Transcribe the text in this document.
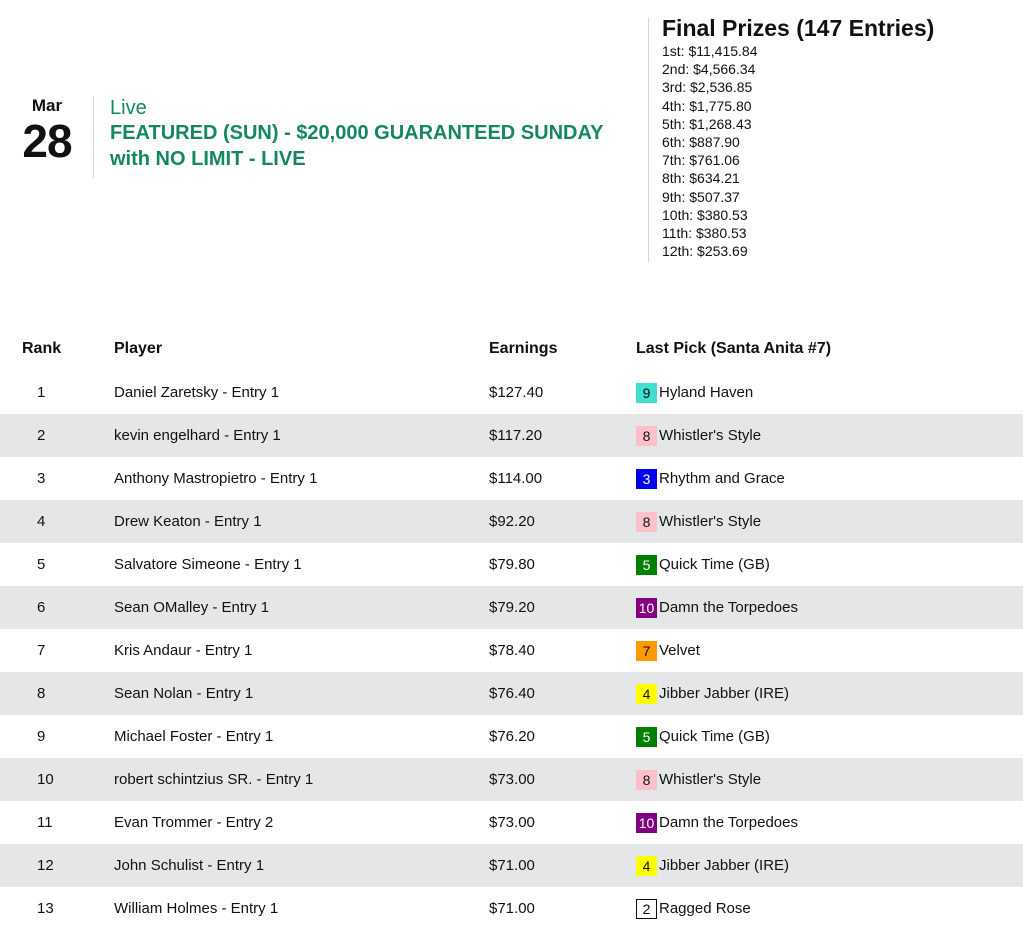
Mar
28
Live
FEATURED (SUN) - $20,000 GUARANTEED SUNDAY with NO LIMIT - LIVE
Final Prizes (147 Entries)
1st: $11,415.84
2nd: $4,566.34
3rd: $2,536.85
4th: $1,775.80
5th: $1,268.43
6th: $887.90
7th: $761.06
8th: $634.21
9th: $507.37
10th: $380.53
11th: $380.53
12th: $253.69
Rank	Player	Earnings	Last Pick (Santa Anita #7)
1	Daniel Zaretsky - Entry 1	$127.40	9 Hyland Haven

2	kevin engelhard - Entry 1	$117.20	8 Whistler's Style

3	Anthony Mastropietro - Entry 1	$114.00	3 Rhythm and Grace

4	Drew Keaton - Entry 1	$92.20	8 Whistler's Style

5	Salvatore Simeone - Entry 1	$79.80	5 Quick Time (GB)

6	Sean OMalley - Entry 1	$79.20	10 Damn the Torpedoes

7	Kris Andaur - Entry 1	$78.40	7 Velvet

8	Sean Nolan - Entry 1	$76.40	4 Jibber Jabber (IRE)

9	Michael Foster - Entry 1	$76.20	5 Quick Time (GB)

10	robert schintzius SR. - Entry 1	$73.00	8 Whistler's Style

11	Evan Trommer - Entry 2	$73.00	10 Damn the Torpedoes

12	John Schulist - Entry 1	$71.00	4 Jibber Jabber (IRE)

13	William Holmes - Entry 1	$71.00	2 Ragged Rose
